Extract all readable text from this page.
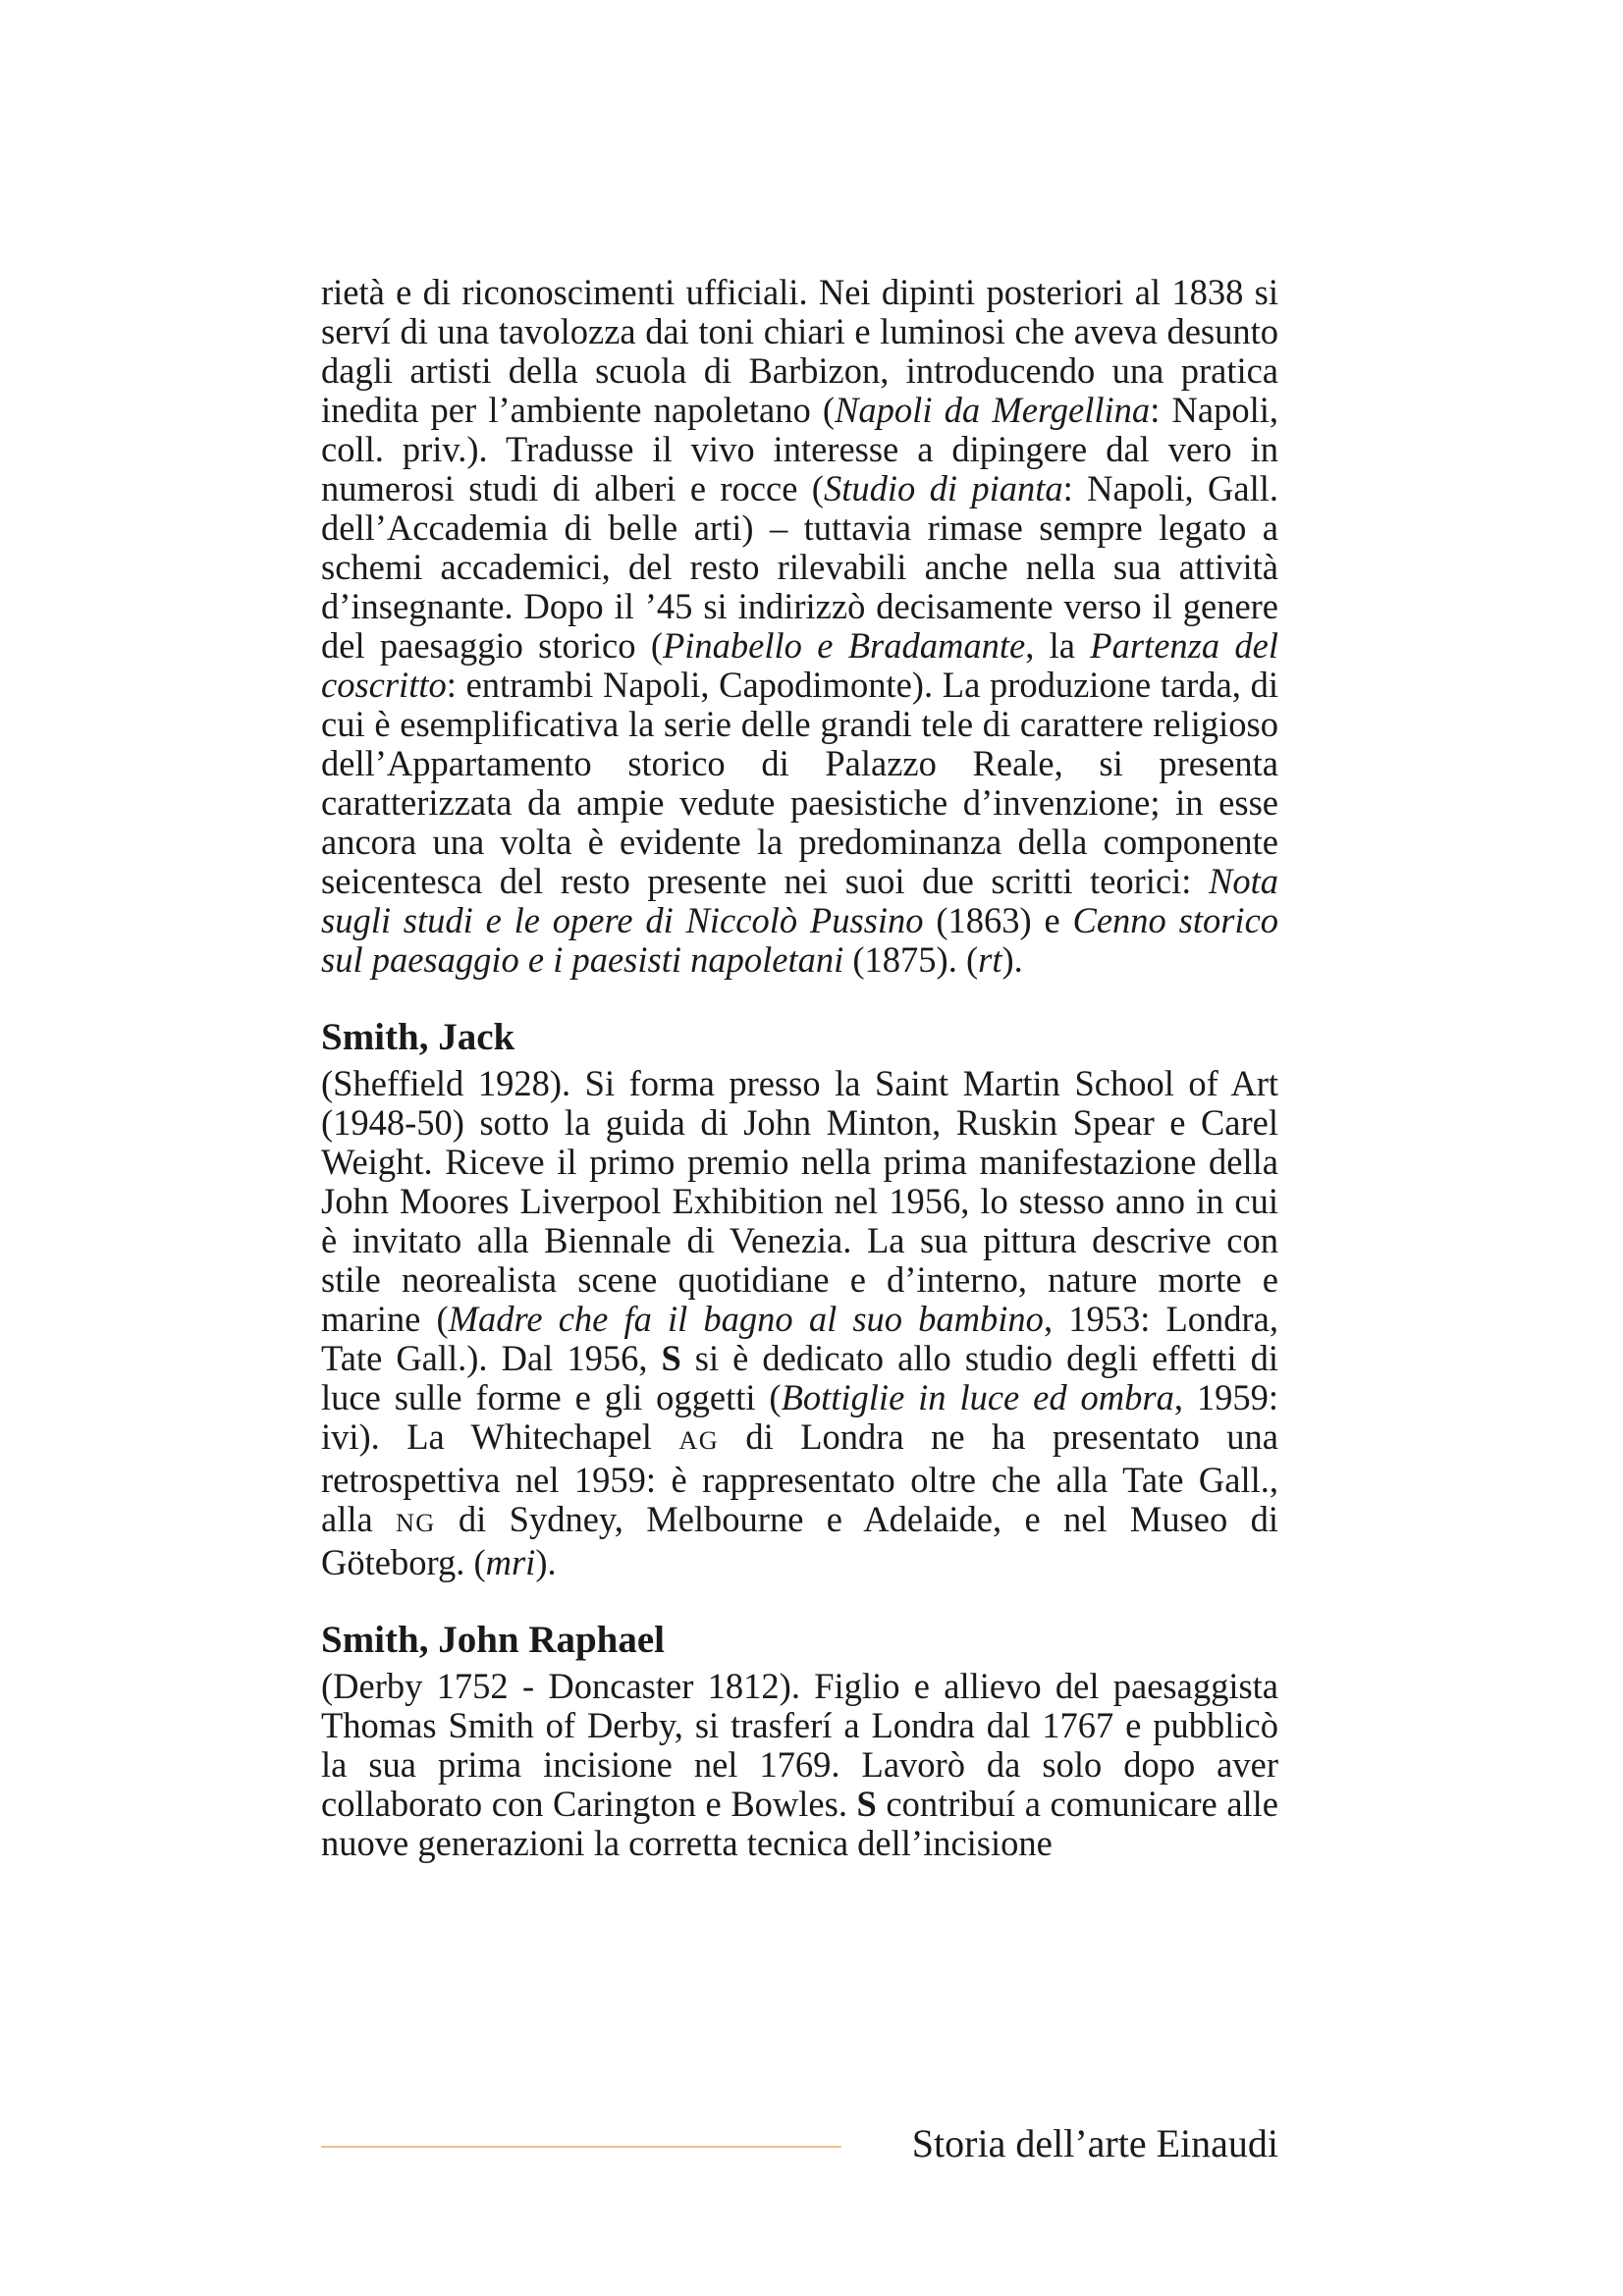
rietà e di riconoscimenti ufficiali. Nei dipinti posteriori al 1838 si serví di una tavolozza dai toni chiari e luminosi che aveva desunto dagli artisti della scuola di Barbizon, introducendo una pratica inedita per l’ambiente napoletano (Napoli da Mergellina: Napoli, coll. priv.). Tradusse il vivo interesse a dipingere dal vero in numerosi studi di alberi e rocce (Studio di pianta: Napoli, Gall. dell’Accademia di belle arti) – tuttavia rimase sempre legato a schemi accademici, del resto rilevabili anche nella sua attività d’insegnante. Dopo il ’45 si indirizzò decisamente verso il genere del paesaggio storico (Pinabello e Bradamante, la Partenza del coscritto: entrambi Napoli, Capodimonte). La produzione tarda, di cui è esemplificativa la serie delle grandi tele di carattere religioso dell’Appartamento storico di Palazzo Reale, si presenta caratterizzata da ampie vedute paesistiche d’invenzione; in esse ancora una volta è evidente la predominanza della componente seicentesca del resto presente nei suoi due scritti teorici: Nota sugli studi e le opere di Niccolò Pussino (1863) e Cenno storico sul paesaggio e i paesisti napoletani (1875). (rt).

Smith, Jack

(Sheffield 1928). Si forma presso la Saint Martin School of Art (1948-50) sotto la guida di John Minton, Ruskin Spear e Carel Weight. Riceve il primo premio nella prima manifestazione della John Moores Liverpool Exhibition nel 1956, lo stesso anno in cui è invitato alla Biennale di Venezia. La sua pittura descrive con stile neorealista scene quotidiane e d’interno, nature morte e marine (Madre che fa il bagno al suo bambino, 1953: Londra, Tate Gall.). Dal 1956, S si è dedicato allo studio degli effetti di luce sulle forme e gli oggetti (Bottiglie in luce ed ombra, 1959: ivi). La Whitechapel AG di Londra ne ha presentato una retrospettiva nel 1959: è rappresentato oltre che alla Tate Gall., alla NG di Sydney, Melbourne e Adelaide, e nel Museo di Göteborg. (mri).

Smith, John Raphael

(Derby 1752 - Doncaster 1812). Figlio e allievo del paesaggista Thomas Smith of Derby, si trasferí a Londra dal 1767 e pubblicò la sua prima incisione nel 1769. Lavorò da solo dopo aver collaborato con Carington e Bowles. S contribuí a comunicare alle nuove generazioni la corretta tecnica dell’incisione

Storia dell’arte Einaudi
